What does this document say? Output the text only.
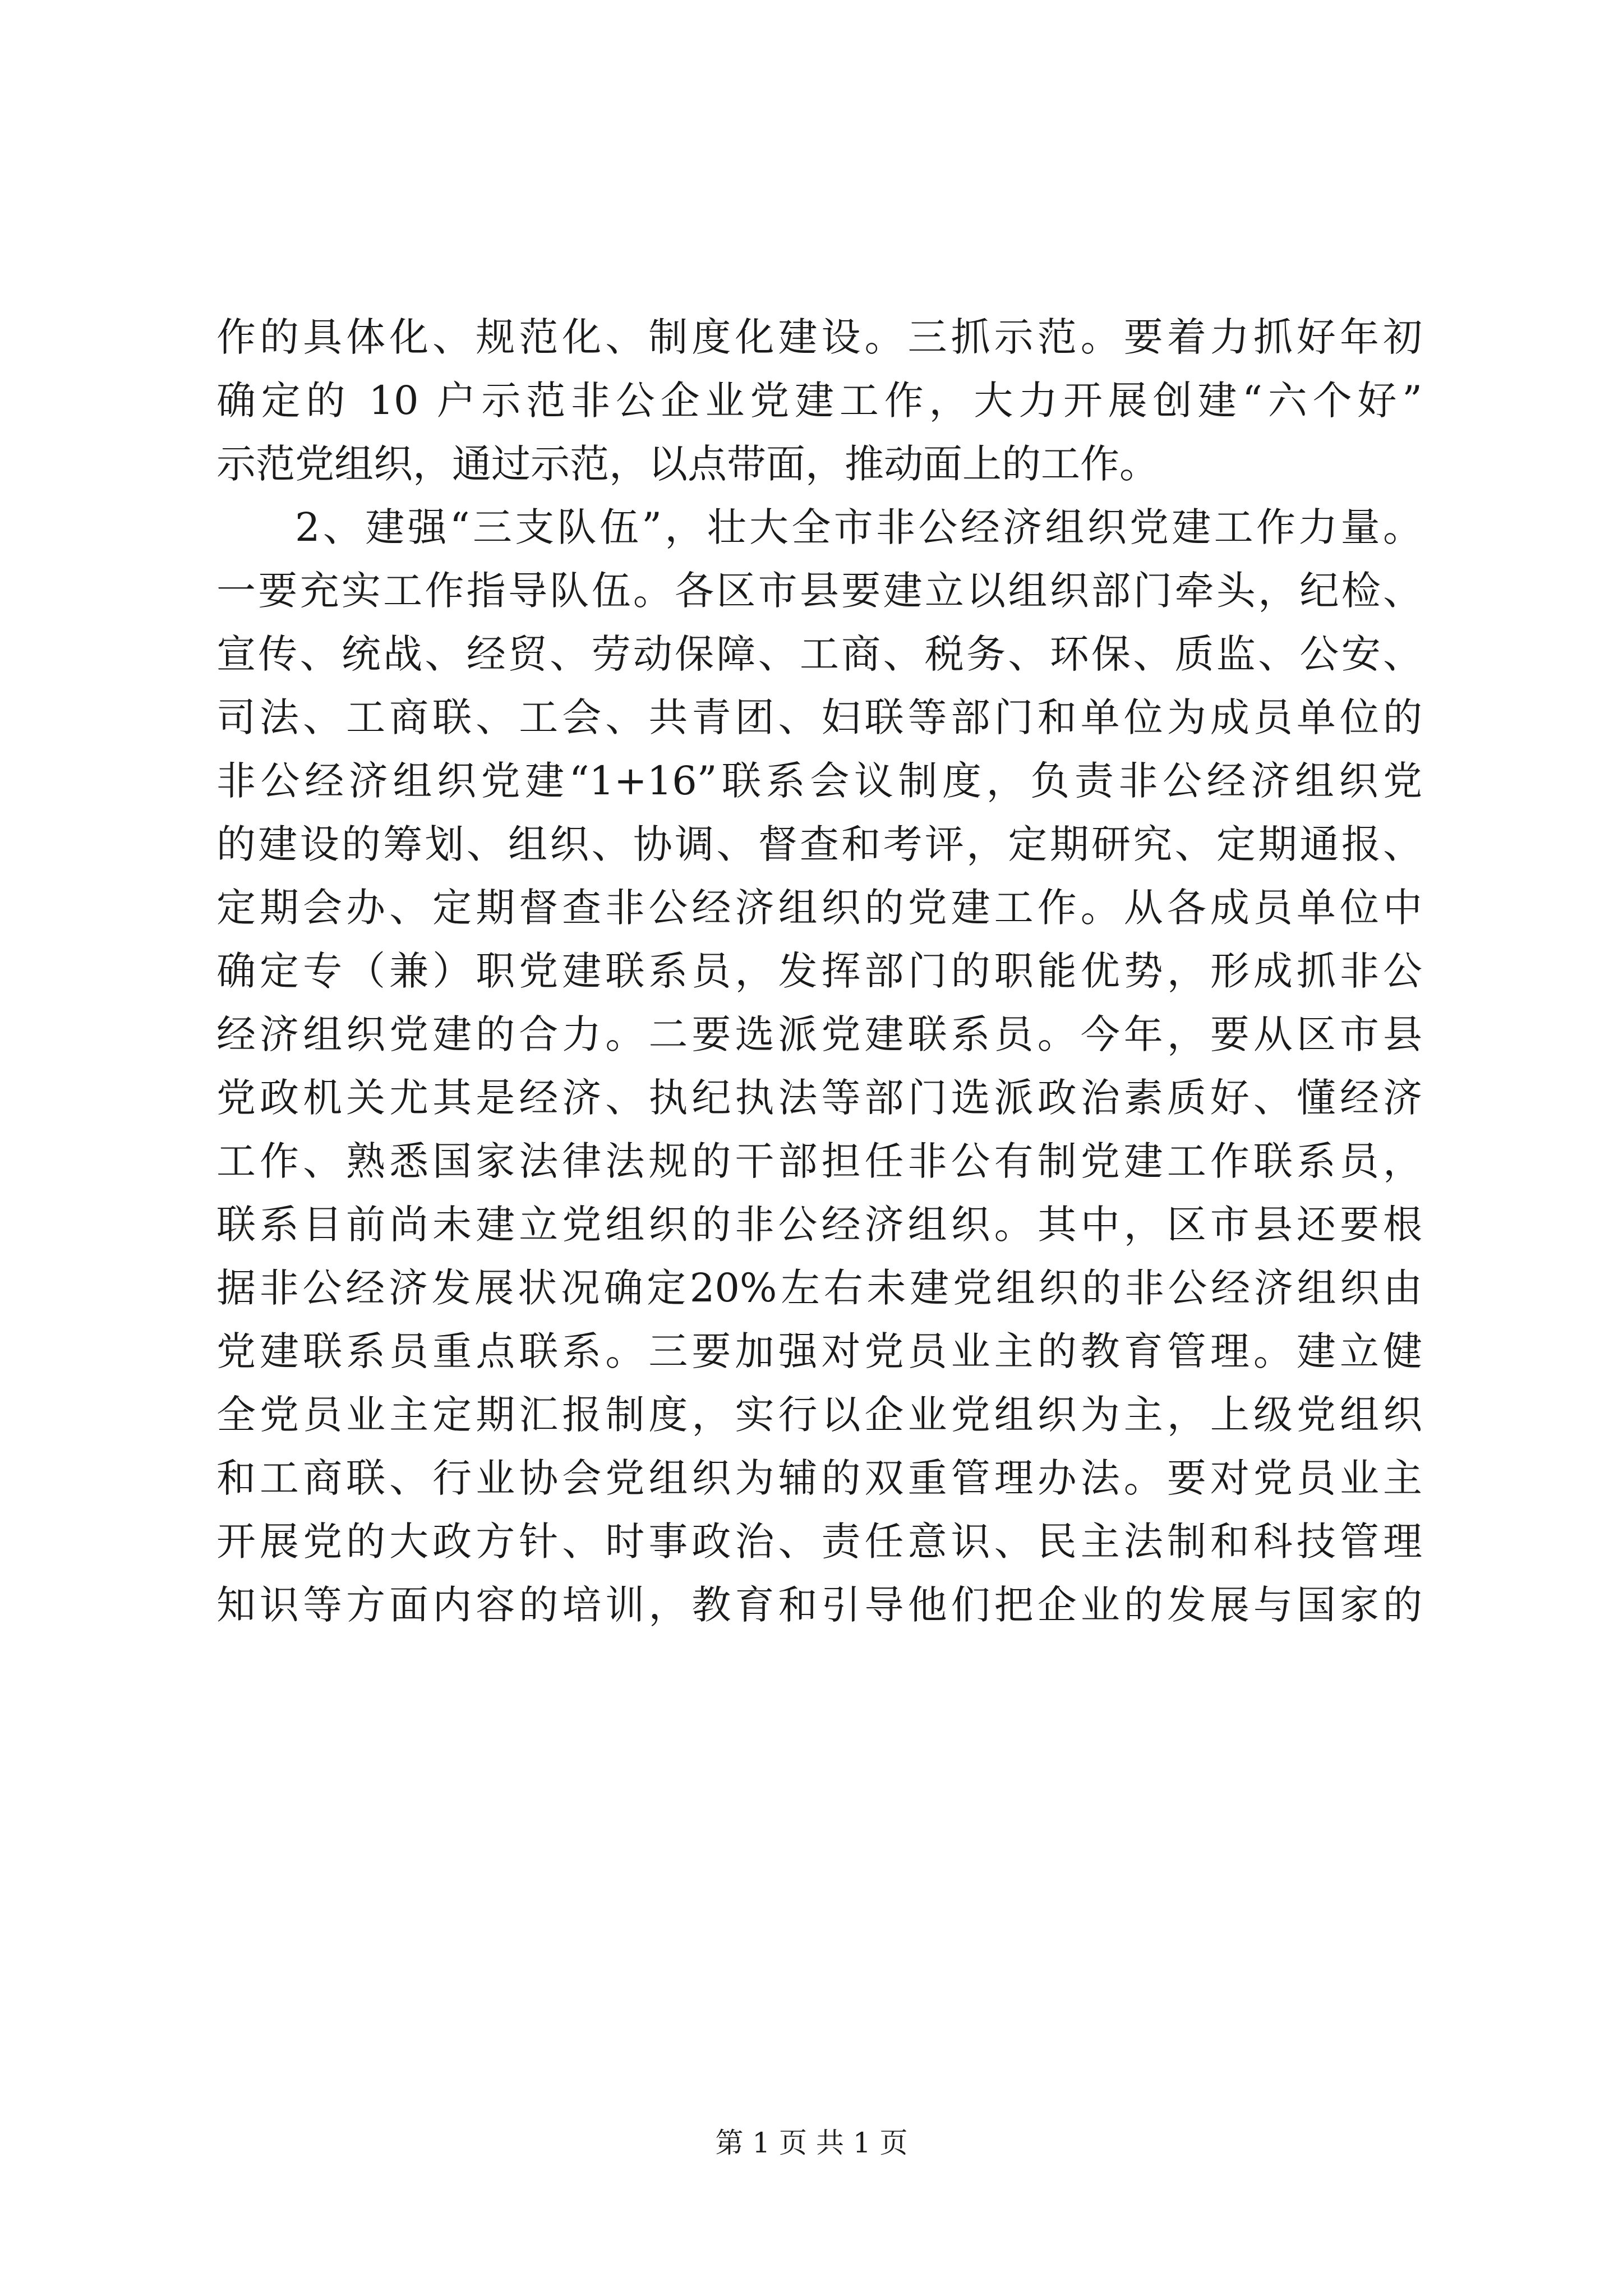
作的具体化、规范化、制度化建设。三抓示范。要着力抓好年初
确定的 10 户示范非公企业党建工作，大力开展创建“六个好”
示范党组织，通过示范，以点带面，推动面上的工作。
2、建强“三支队伍”，壮大全市非公经济组织党建工作力量。
一要充实工作指导队伍。各区市县要建立以组织部门牵头，纪检、
宣传、统战、经贸、劳动保障、工商、税务、环保、质监、公安、
司法、工商联、工会、共青团、妇联等部门和单位为成员单位的
非公经济组织党建“1+16”联系会议制度，负责非公经济组织党
的建设的筹划、组织、协调、督查和考评，定期研究、定期通报、
定期会办、定期督查非公经济组织的党建工作。从各成员单位中
确定专（兼）职党建联系员，发挥部门的职能优势，形成抓非公
经济组织党建的合力。二要选派党建联系员。今年，要从区市县
党政机关尤其是经济、执纪执法等部门选派政治素质好、懂经济
工作、熟悉国家法律法规的干部担任非公有制党建工作联系员，
联系目前尚未建立党组织的非公经济组织。其中，区市县还要根
据非公经济发展状况确定20%左右未建党组织的非公经济组织由
党建联系员重点联系。三要加强对党员业主的教育管理。建立健
全党员业主定期汇报制度，实行以企业党组织为主，上级党组织
和工商联、行业协会党组织为辅的双重管理办法。要对党员业主
开展党的大政方针、时事政治、责任意识、民主法制和科技管理
知识等方面内容的培训，教育和引导他们把企业的发展与国家的
第 1 页 共 1 页
